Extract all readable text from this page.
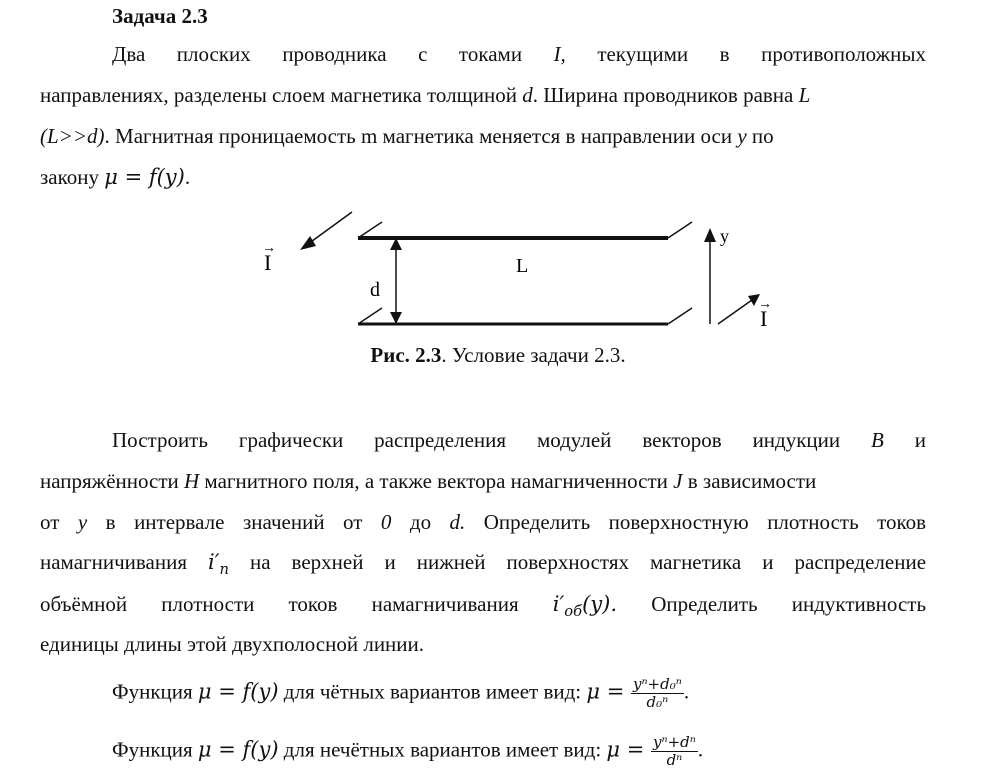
Задача 2.3
Два плоских проводника с токами I, текущими в противоположных
направлениях, разделены слоем магнетика толщиной d. Ширина проводников равна L
(L>>d). Магнитная проницаемость m магнетика меняется в направлении оси y по
закону μ = f(y).
I
→
I
→
d
L
y
Рис. 2.3. Условие задачи 2.3.
Построить графически распределения модулей векторов индукции B и
напряжённости H магнитного поля, а также вектора намагниченности J в зависимости
от y в интервале значений от 0 до d. Определить поверхностную плотность токов
намагничивания $i'_п$ на верхней и нижней поверхностях магнетика и распределение
объёмной плотности токов намагничивания $i'_{об}(y)$. Определить индуктивность
единицы длины этой двухполосной линии.
Функция μ = f(y) для чётных вариантов имеет вид: $\mu = \frac{\text{yⁿ+d₀ⁿ}}{\text{d₀ⁿ}}$ .
Функция μ = f(y) для нечётных вариантов имеет вид: $\mu = \frac{\text{yⁿ+dⁿ}}{\text{dⁿ}}$ .
